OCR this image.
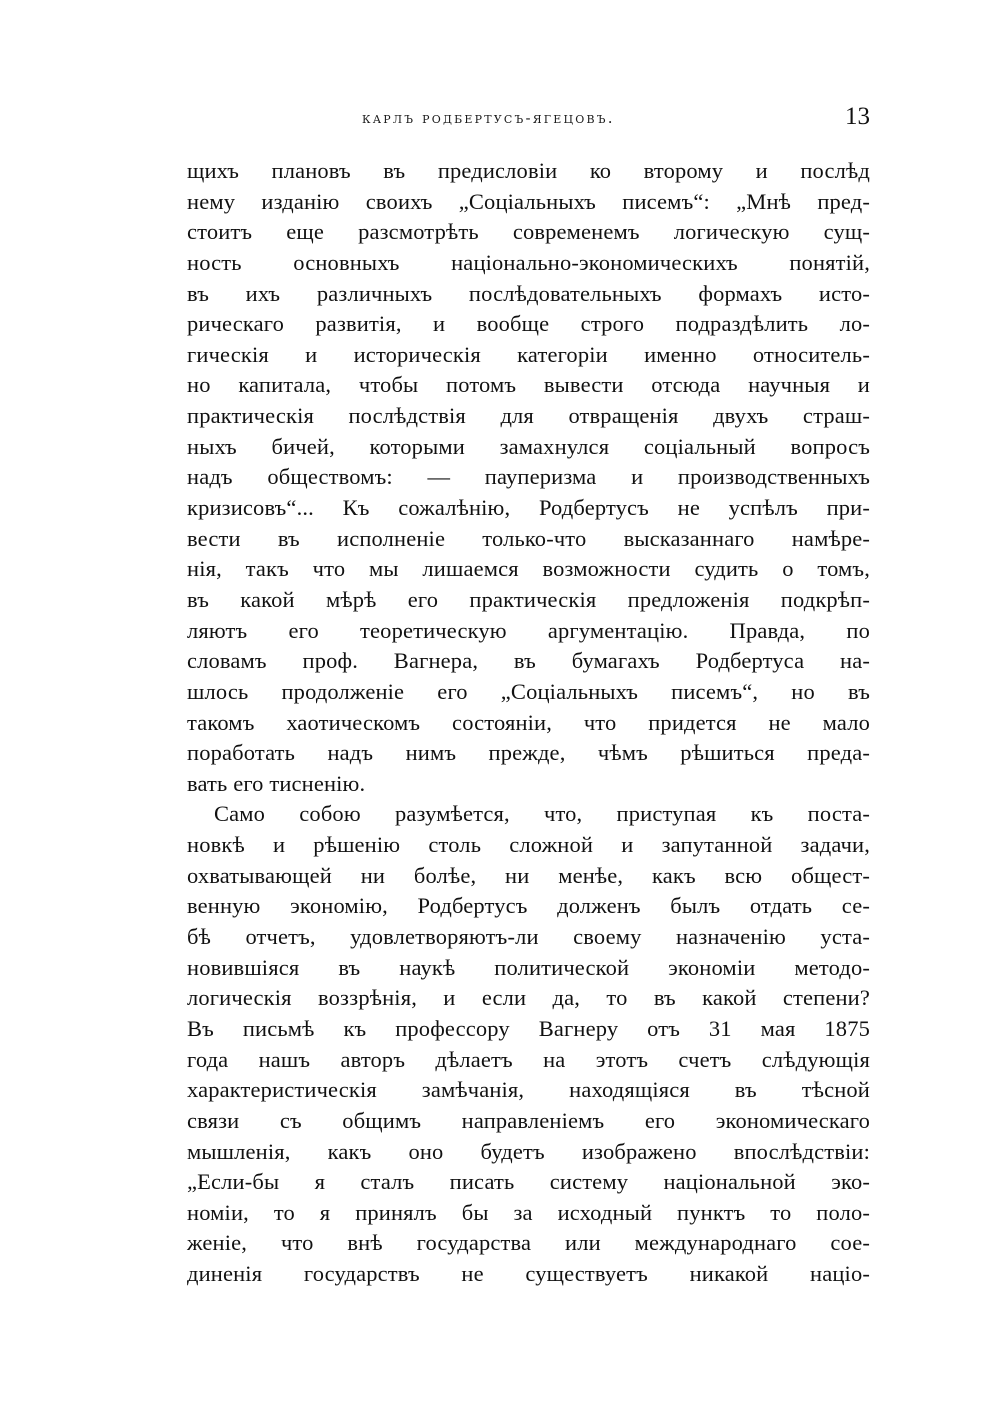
карлъ родбертусъ-ягецовъ.	13
щихъ плановъ въ предисловіи ко второму и послѣд
нему изданію своихъ „Соціальныхъ писемъ“: „Мнѣ пред-
стоитъ еще разсмотрѣть современемъ логическую сущ-
ность основныхъ національно-экономическихъ понятій,
въ ихъ различныхъ послѣдовательныхъ формахъ исто-
рическаго развитія, и вообще строго подраздѣлить ло-
гическія и историческія категоріи именно относитель-
но капитала, чтобы потомъ вывести отсюда научныя и
практическія послѣдствія для отвращенія двухъ страш-
ныхъ бичей, которыми замахнулся соціальный вопросъ
надъ обществомъ: — пауперизма и производственныхъ
кризисовъ“... Къ сожалѣнію, Родбертусъ не успѣлъ при-
вести въ исполненіе только-что высказаннаго намѣре-
нія, такъ что мы лишаемся возможности судить о томъ,
въ какой мѣрѣ его практическія предложенія подкрѣп-
ляютъ его теоретическую аргументацію. Правда, по
словамъ проф. Вагнера, въ бумагахъ Родбертуса на-
шлось продолженіе его „Соціальныхъ писемъ“, но въ
такомъ хаотическомъ состояніи, что придется не мало
поработать надъ нимъ прежде, чѣмъ рѣшиться преда-
вать его тисненію.
Само собою разумѣется, что, приступая къ поста-
новкѣ и рѣшенію столь сложной и запутанной задачи,
охватывающей ни болѣе, ни менѣе, какъ всю общест-
венную экономію, Родбертусъ долженъ былъ отдать се-
бѣ отчетъ, удовлетворяютъ-ли своему назначенію уста-
новившіяся въ наукѣ политической экономіи методо-
логическія воззрѣнія, и если да, то въ какой степени?
Въ письмѣ къ профессору Вагнеру отъ 31 мая 1875
года нашъ авторъ дѣлаетъ на этотъ счетъ слѣдующія
характеристическія замѣчанія, находящіяся въ тѣсной
связи съ общимъ направленіемъ его экономическаго
мышленія, какъ оно будетъ изображено впослѣдствіи:
„Если-бы я сталъ писать систему національной эко-
номіи, то я принялъ бы за исходный пунктъ то поло-
женіе, что внѣ государства или международнаго сое-
диненія государствъ не существуетъ никакой націо-
